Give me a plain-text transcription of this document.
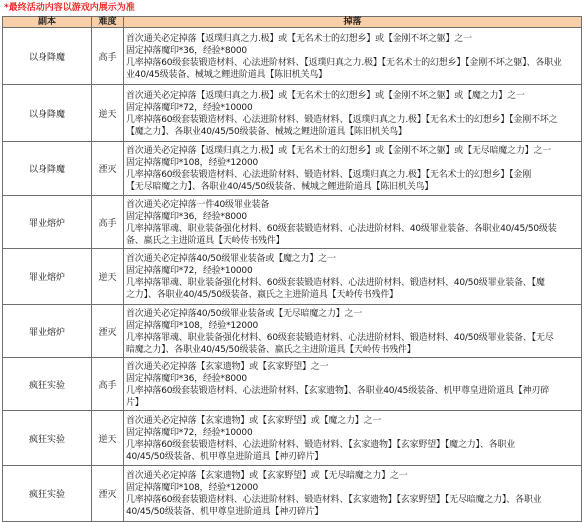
*最终活动内容以游戏内展示为准
副本	难度	掉落
以身降魔	高手	首次通关必定掉落【返璞归真之力.极】或【无名术士的幻想乡】或【金刚不坏之躯】之一
固定掉落魔印*36，经验*8000
几率掉落60级套装锻造材料、心法进阶材料、【返璞归真之力.极】【无名术士的幻想乡】【金刚不坏之躯】、各职业
业40/45级装备、械城之鲤进阶道具【陈旧机关鸟】

以身降魔	逆天	首次通关必定掉落【返璞归真之力.极】或【无名术士的幻想乡】或【金刚不坏之躯】或【魔之力】之一
固定掉落魔印*72，经验*10000
几率掉落60级套装锻造材料、心法进阶材料、锻造材料、【返璞归真之力.极】【无名术士的幻想乡】【金刚不坏之
【魔之力】、各职业40/45/50级装备、械城之鲤进阶道具【陈旧机关鸟】

以身降魔	湮灭	首次通关必定掉落【返璞归真之力.极】或【无名术士的幻想乡】或【金刚不坏之躯】或【无尽暗魔之力】之一
固定掉落魔印*108，经验*12000
几率掉落60级套装锻造材料、心法进阶材料、锻造材料、【返璞归真之力.极】【无名术士的幻想乡】【金刚
【无尽暗魔之力】、各职业40/45/50级装备、械城之鲤进阶道具【陈旧机关鸟】

罪业熔炉	高手	首次通关必定掉落一件40级罪业装备
固定掉落魔印*36，经验*8000
几率掉落罪魂、职业装备强化材料、60级套装锻造材料、心法进阶材料、40级罪业装备、各职业40/45/50级装
备、嬴氏之主进阶道具【天岭传书残件】

罪业熔炉	逆天	首次通关必定掉落40/50级罪业装备或【魔之力】之一
固定掉落魔印*72，经验*10000
几率掉落罪魂、职业装备强化材料、60级套装锻造材料、心法进阶材料、锻造材料、40/50级罪业装备、【魔
之力】、各职业40/45/50级装备、嬴氏之主进阶道具【天岭传书残件】

罪业熔炉	湮灭	首次通关必定掉落40/50级罪业装备或【无尽暗魔之力】之一
固定掉落魔印*108，经验*12000
几率掉落罪魂、职业装备强化材料、60级套装锻造材料、心法进阶材料、锻造材料、40/50级罪业装备、【无尽
暗魔之力】、各职业40/45/50级装备、嬴氏之主进阶道具【天岭传书残件】

疯狂实验	高手	首次通关必定掉落【玄家遗物】或【玄家野望】之一
固定掉落魔印*36，经验*8000
几率掉落60级套装锻造材料、心法进阶材料、【玄家遗物】、各职业40/45级装备、机甲尊皇进阶道具【神刃碎
片】

疯狂实验	逆天	首次通关必定掉落【玄家遗物】或【玄家野望】或【魔之力】之一
固定掉落魔印*72，经验*10000
几率掉落60级套装锻造材料、心法进阶材料、锻造材料、【玄家遗物】【玄家野望】【魔之力】、各职业
40/45/50级装备、机甲尊皇进阶道具【神刃碎片】

疯狂实验	湮灭	首次通关必定掉落【玄家遗物】或【玄家野望】或【无尽暗魔之力】之一
固定掉落魔印*108，经验*12000
几率掉落60级套装锻造材料、心法进阶材料、锻造材料、【玄家遗物】【玄家野望】【无尽暗魔之力】、各职业
40/45/50级装备、机甲尊皇进阶道具【神刃碎片】
